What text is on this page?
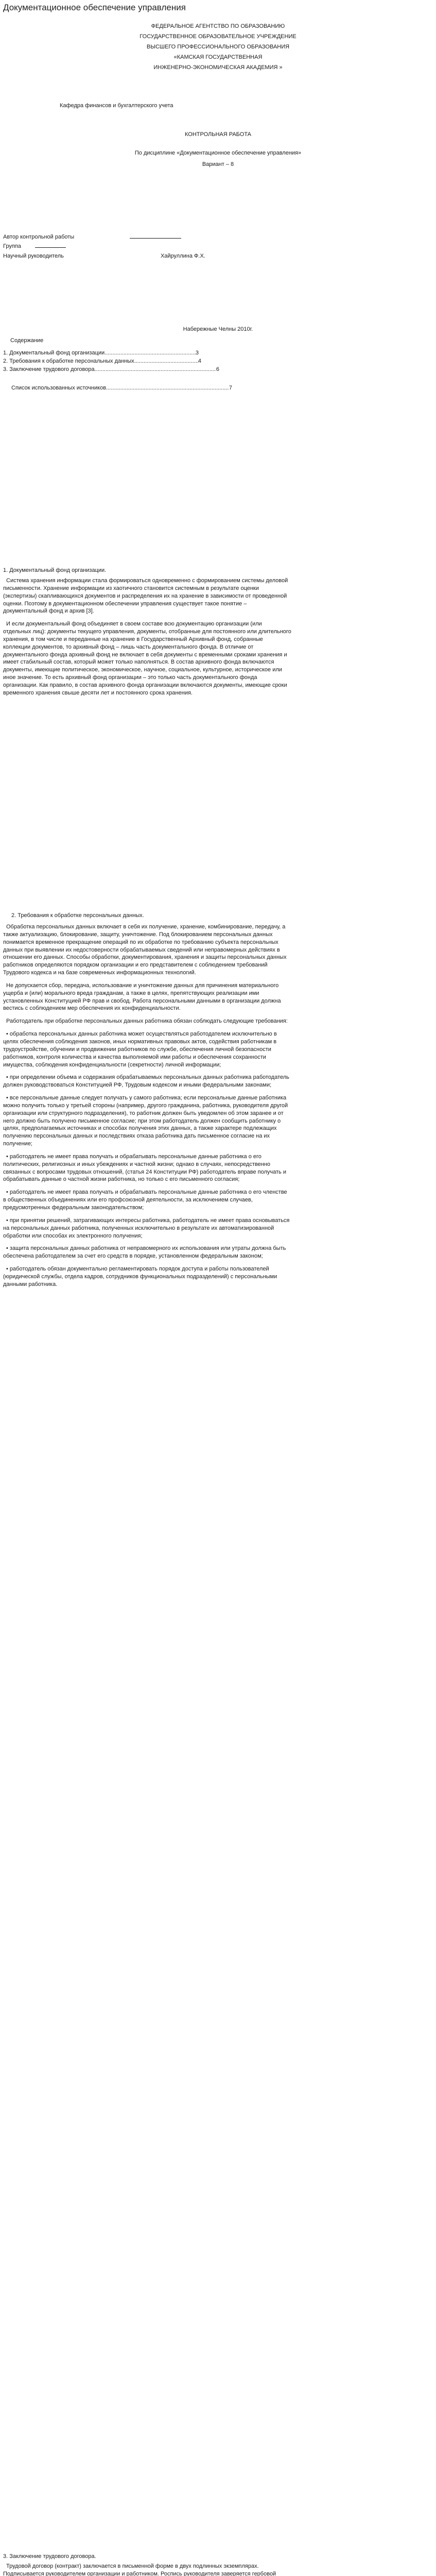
Документационное обеспечение управления
ФЕДЕРАЛЬНОЕ АГЕНТСТВО ПО ОБРАЗОВАНИЮ
ГОСУДАРСТВЕННОЕ ОБРАЗОВАТЕЛЬНОЕ УЧРЕЖДЕНИЕ
ВЫСШЕГО ПРОФЕССИОНАЛЬНОГО ОБРАЗОВАНИЯ
«КАМСКАЯ ГОСУДАРСТВЕННАЯ
ИНЖЕНЕРНО-ЭКОНОМИЧЕСКАЯ АКАДЕМИЯ »
Кафедра финансов и бухгалтерского учета
КОНТРОЛЬНАЯ РАБОТА
По дисциплине «Документационное обеспечение управления»
Вариант – 8
Автор контрольной работы
Группа
Научный руководитель	Хайруллина Ф.Х.
Набережные Челны 2010г.
Содержание
1. Документальный фонд организации .....	3
2. Требования к обработке персональных данных .....	4
3. Заключение трудового договора .....	6
Список использованных источников .....	7
1. Документальный фонд организации.

Система хранения информации стала формироваться одновременно с формированием системы деловой письменности. Хранение информации из хаотичного становится системным в результате оценки (экспертизы) скапливающихся документов и распределения их на хранение в зависимости от проведенной оценки. Поэтому в документационном обеспечении управления существует такое понятие – документальный фонд и архив [3].

И если документальный фонд объединяет в своем составе всю документацию организации (или отдельных лиц): документы текущего управления, документы, отобранные для постоянного или длительного хранения, в том числе и переданные на хранение в Государственный Архивный фонд, собранные коллекции документов, то архивный фонд – лишь часть документального фонда. В отличие от документального фонда архивный фонд не включает в себя документы с временными сроками хранения и имеет стабильный состав, который может только наполняться. В состав архивного фонда включаются документы, имеющие политическое, экономическое, научное, социальное, культурное, историческое или иное значение. То есть архивный фонд организации – это только часть документального фонда организации. Как правило, в состав архивного фонда организации включаются документы, имеющие сроки временного хранения свыше десяти лет и постоянного срока хранения.

2. Требования к обработке персональных данных.

Обработка персональных данных включает в себя их получение, хранение, комбинирование, передачу, а также актуализацию, блокирование, защиту, уничтожение. Под блокированием персональных данных понимается временное прекращение операций по их обработке по требованию субъекта персональных данных при выявлении их недостоверности обрабатываемых сведений или неправомерных действиях в отношении его данных. Способы обработки, документирования, хранения и защиты персональных данных работников определяются порядком организации и его представителем с соблюдением требований Трудового кодекса и на базе современных информационных технологий.

Не допускается сбор, передача, использование и уничтожение данных для причинения материального ущерба и (или) морального вреда гражданам, а также в целях, препятствующих реализации ими установленных Конституцией РФ прав и свобод. Работа персональными данными в организации должна вестись с соблюдением мер обеспечения их конфиденциальности.

Работодатель при обработке персональных данных работника обязан соблюдать следующие требования:

• обработка персональных данных работника может осуществляться работодателем исключительно в целях обеспечения соблюдения законов, иных нормативных правовых актов, содействия работникам в трудоустройстве, обучении и продвижении работников по службе, обеспечения личной безопасности работников, контроля количества и качества выполняемой ими работы и обеспечения сохранности имущества, соблюдения конфиденциальности (секретности) личной информации;

• при определении объема и содержания обрабатываемых персональных данных работника работодатель должен руководствоваться Конституцией РФ, Трудовым кодексом и иными федеральными законами;

• все персональные данные следует получать у самого работника; если персональные данные работника можно получить только у третьей стороны (например, другого гражданина, работника, руководителя другой организации или структурного подразделения), то работник должен быть уведомлен об этом заранее и от него должно быть получено письменное согласие; при этом работодатель должен сообщить работнику о целях, предполагаемых источниках и способах получения этих данных, а также характере подлежащих получению персональных данных и последствиях отказа работника дать письменное согласие на их получение;

• работодатель не имеет права получать и обрабатывать персональные данные работника о его политических, религиозных и иных убеждениях и частной жизни; однако в случаях, непосредственно связанных с вопросами трудовых отношений, (статья 24 Конституции РФ) работодатель вправе получать и обрабатывать данные о частной жизни работника, но только с его письменного согласия;

• работодатель не имеет права получать и обрабатывать персональные данные работника о его членстве в общественных объединениях или его профсоюзной деятельности, за исключением случаев, предусмотренных федеральным законодательством;

• при принятии решений, затрагивающих интересы работника, работодатель не имеет права основываться на персональных данных работника, полученных исключительно в результате их автоматизированной обработки или способах их электронного получения;

• защита персональных данных работника от неправомерного их использования или утраты должна быть обеспечена работодателем за счет его средств в порядке, установленном федеральным законом;

• работодатель обязан документально регламентировать порядок доступа и работы пользователей (юридической службы, отдела кадров, сотрудников функциональных подразделений) с персональными данными работника.

3. Заключение трудового договора.

Трудовой договор (контракт) заключается в письменной форме в двух подлинных экземплярах. Подписывается руководителем организации и работником. Роспись руководителя заверяется гербовой
